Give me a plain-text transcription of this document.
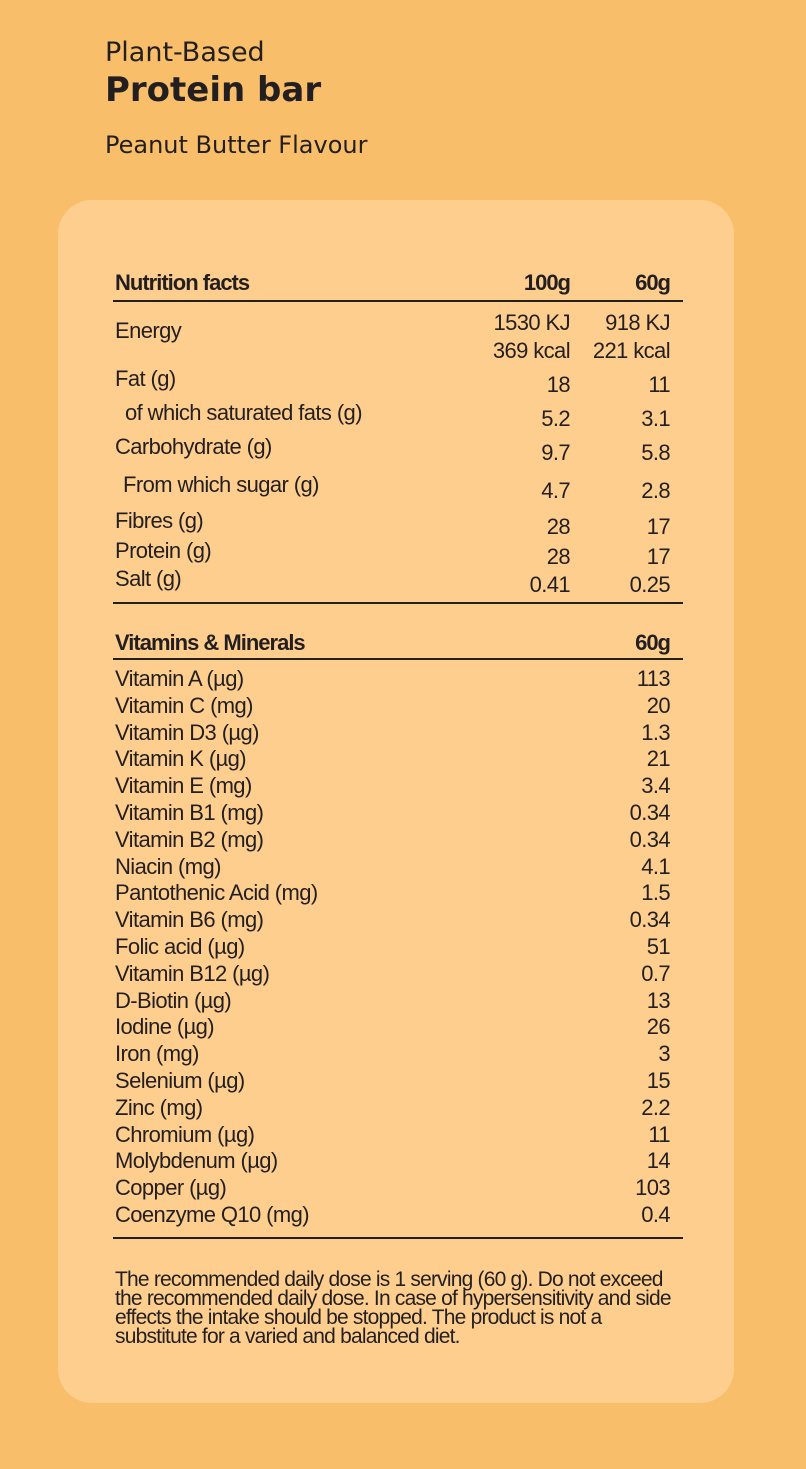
Plant-Based
Protein bar
Peanut Butter Flavour
Nutrition facts	100g	60g
Energy	1530 KJ 918 KJ
369 kcal 221 kcal
Fat (g)	18	11
of which saturated fats (g)	5.2	3.1
Carbohydrate (g)	9.7	5.8
From which sugar (g)	4.7	2.8
Fibres (g)	28	17
Protein (g)	28	17
Salt (g)	0.41	0.25
Vitamins & Minerals	60g
Vitamin A (µg)	113
Vitamin C (mg)	20
Vitamin D3 (µg)	1.3
Vitamin K (µg)	21
Vitamin E (mg)	3.4
Vitamin B1 (mg)	0.34
Vitamin B2 (mg)	0.34
Niacin (mg)	4.1
Pantothenic Acid (mg)	1.5
Vitamin B6 (mg)	0.34
Folic acid (µg)	51
Vitamin B12 (µg)	0.7
D-Biotin (µg)	13
Iodine (µg)	26
Iron (mg)	3
Selenium (µg)	15
Zinc (mg)	2.2
Chromium (µg)	11
Molybdenum (µg)	14
Copper (µg)	103
Coenzyme Q10 (mg)	0.4

The recommended daily dose is 1 serving (60 g). Do not exceed the recommended daily dose. In case of hypersensitivity and side effects the intake should be stopped. The product is not a substitute for a varied and balanced diet.
